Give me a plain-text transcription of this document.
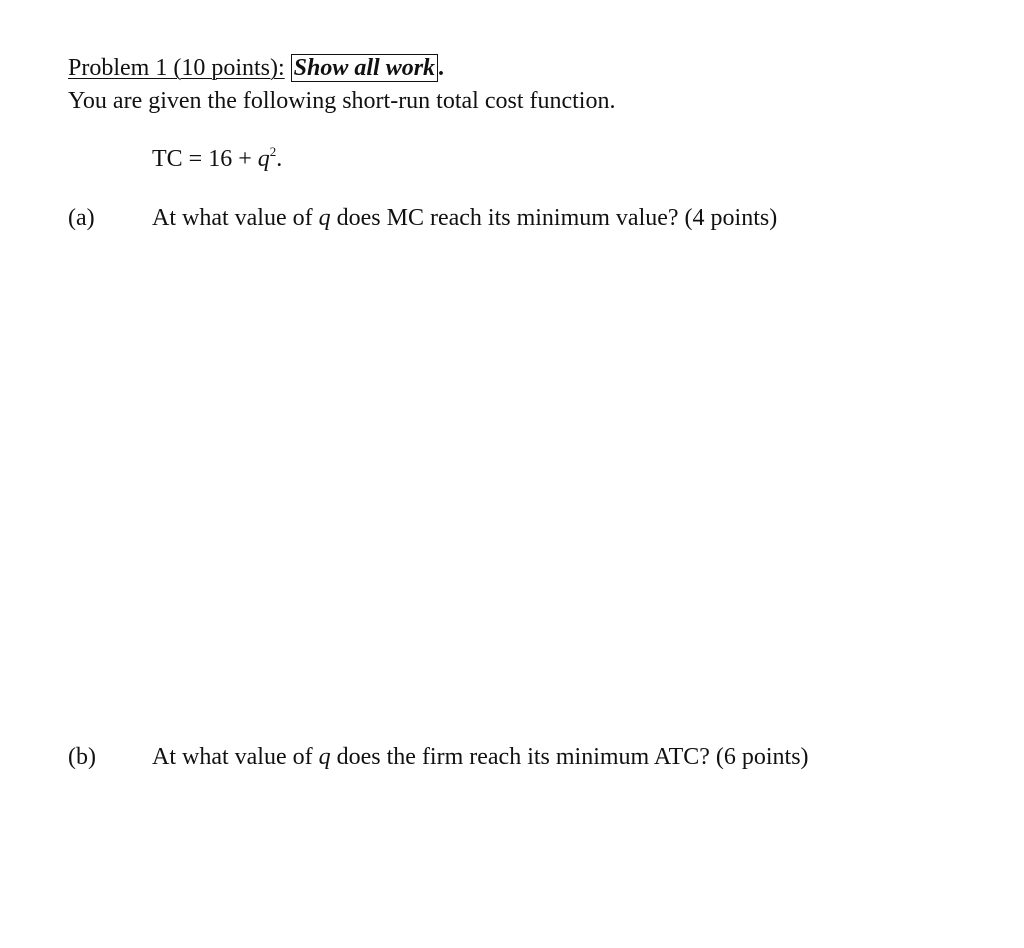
Problem 1 (10 points): Show all work .
You are given the following short-run total cost function.
TC = $16 + q^2$.
(a) At what value of q does MC reach its minimum value? (4 points)
(b) At what value of q does the firm reach its minimum ATC? (6 points)
